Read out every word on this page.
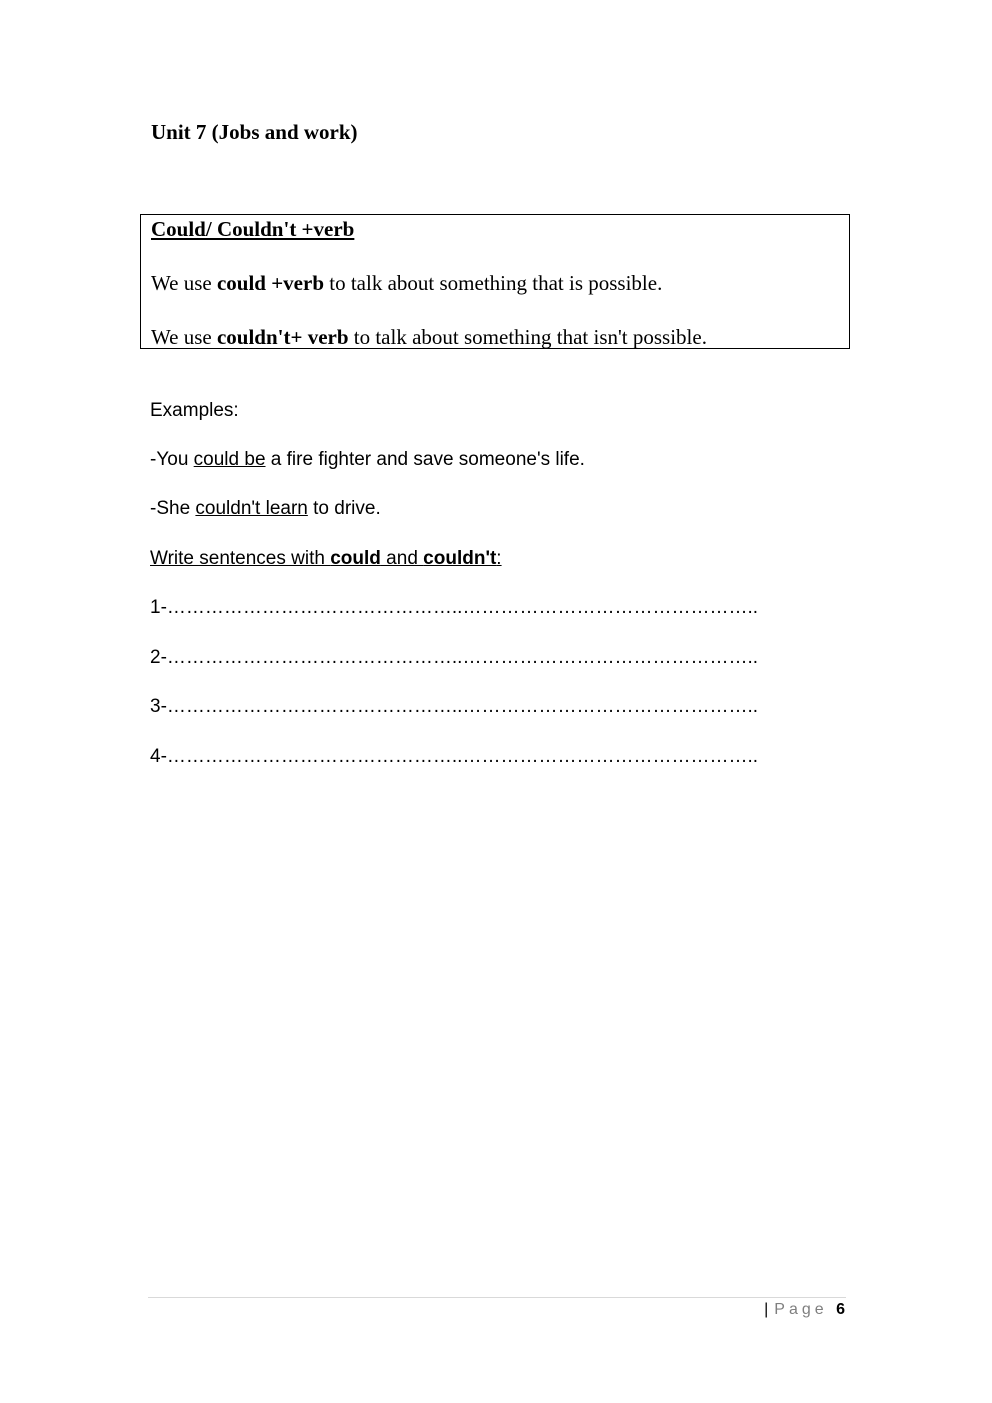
Unit 7 (Jobs and work)
Could/ Couldn't +verb
We use could +verb to talk about something that is possible.
We use couldn't+ verb to talk about something that isn't possible.
Examples:
-You could be a fire fighter and save someone's life.
-She couldn't learn to drive.
Write sentences with could and couldn't:
1-………………………………………..………………………………………..
2-………………………………………..………………………………………..
3-………………………………………..………………………………………..
4-………………………………………..………………………………………..
| Page 6
